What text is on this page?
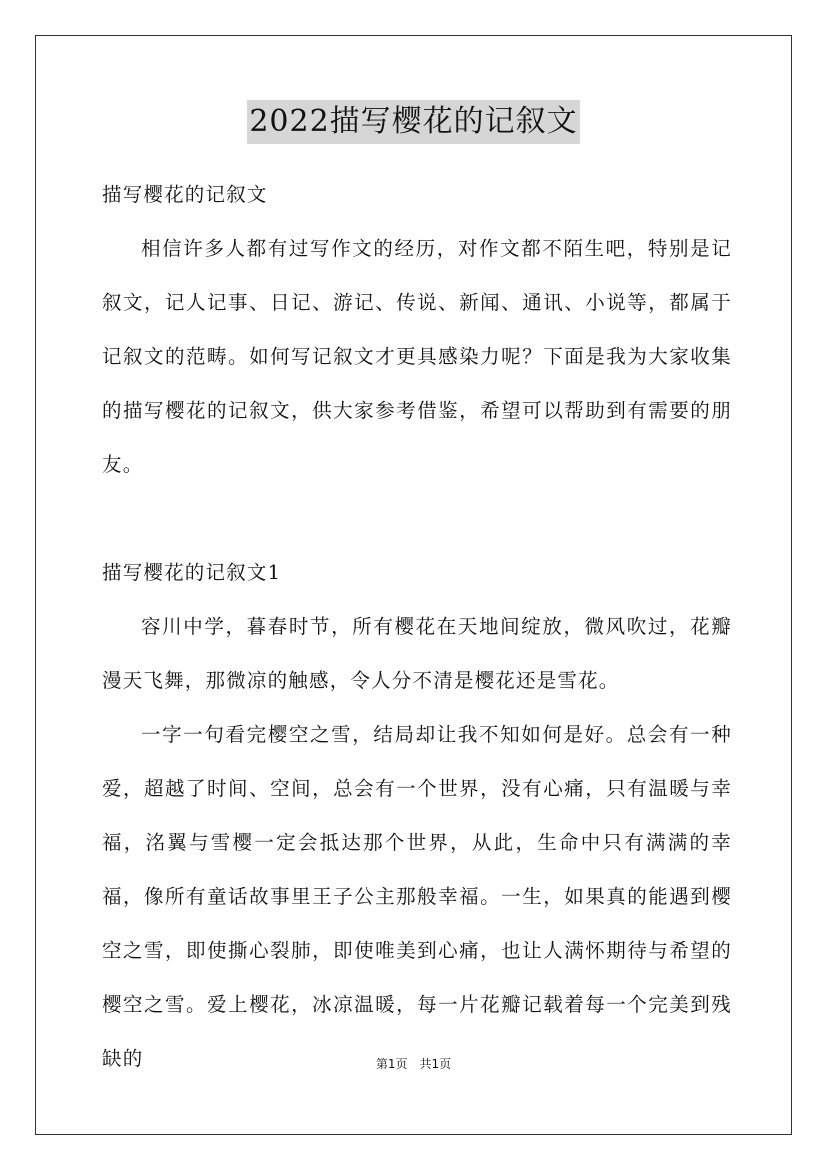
2022描写樱花的记叙文

描写樱花的记叙文

相信许多人都有过写作文的经历，对作文都不陌生吧，特别是记叙文，记人记事、日记、游记、传说、新闻、通讯、小说等，都属于记叙文的范畴。如何写记叙文才更具感染力呢？下面是我为大家收集的描写樱花的记叙文，供大家参考借鉴，希望可以帮助到有需要的朋友。

描写樱花的记叙文1

容川中学，暮春时节，所有樱花在天地间绽放，微风吹过，花瓣漫天飞舞，那微凉的触感，令人分不清是樱花还是雪花。

一字一句看完樱空之雪，结局却让我不知如何是好。总会有一种爱，超越了时间、空间，总会有一个世界，没有心痛，只有温暖与幸福，洺翼与雪樱一定会抵达那个世界，从此，生命中只有满满的幸福，像所有童话故事里王子公主那般幸福。一生，如果真的能遇到樱空之雪，即使撕心裂肺，即使唯美到心痛，也让人满怀期待与希望的樱空之雪。爱上樱花，冰凉温暖，每一片花瓣记载着每一个完美到残缺的	第1页　共1页
